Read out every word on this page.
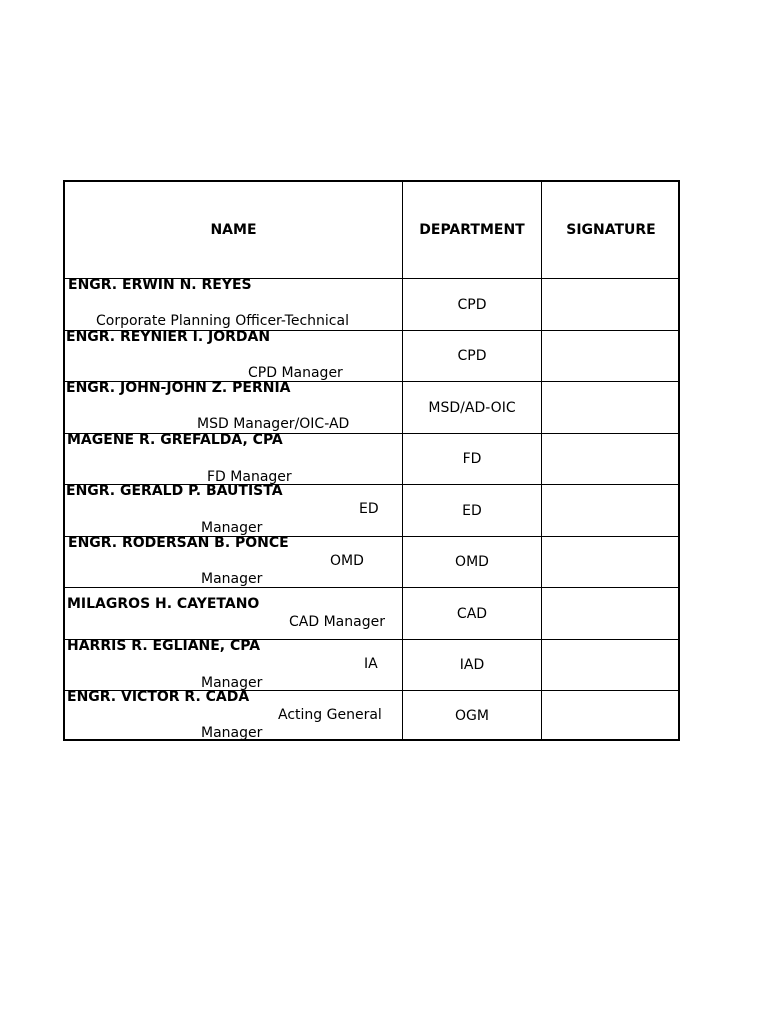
NAME	DEPARTMENT	SIGNATURE
ENGR. ERWIN N. REYES
Corporate Planning Officer-Technical
CPD
ENGR. REYNIER I. JORDAN
CPD Manager
CPD
ENGR. JOHN-JOHN Z. PERNIA
MSD Manager/OIC-AD
MSD/AD-OIC
MAGENE R. GREFALDA, CPA
FD Manager
FD
ENGR. GERALD P. BAUTISTA
ED
Manager
ED
ENGR. RODERSAN B. PONCE
OMD
Manager
OMD
MILAGROS H. CAYETANO
CAD Manager
CAD
HARRIS R. EGLIANE, CPA
IA
Manager
IAD
ENGR. VICTOR R. CADA
Acting General
Manager
OGM
